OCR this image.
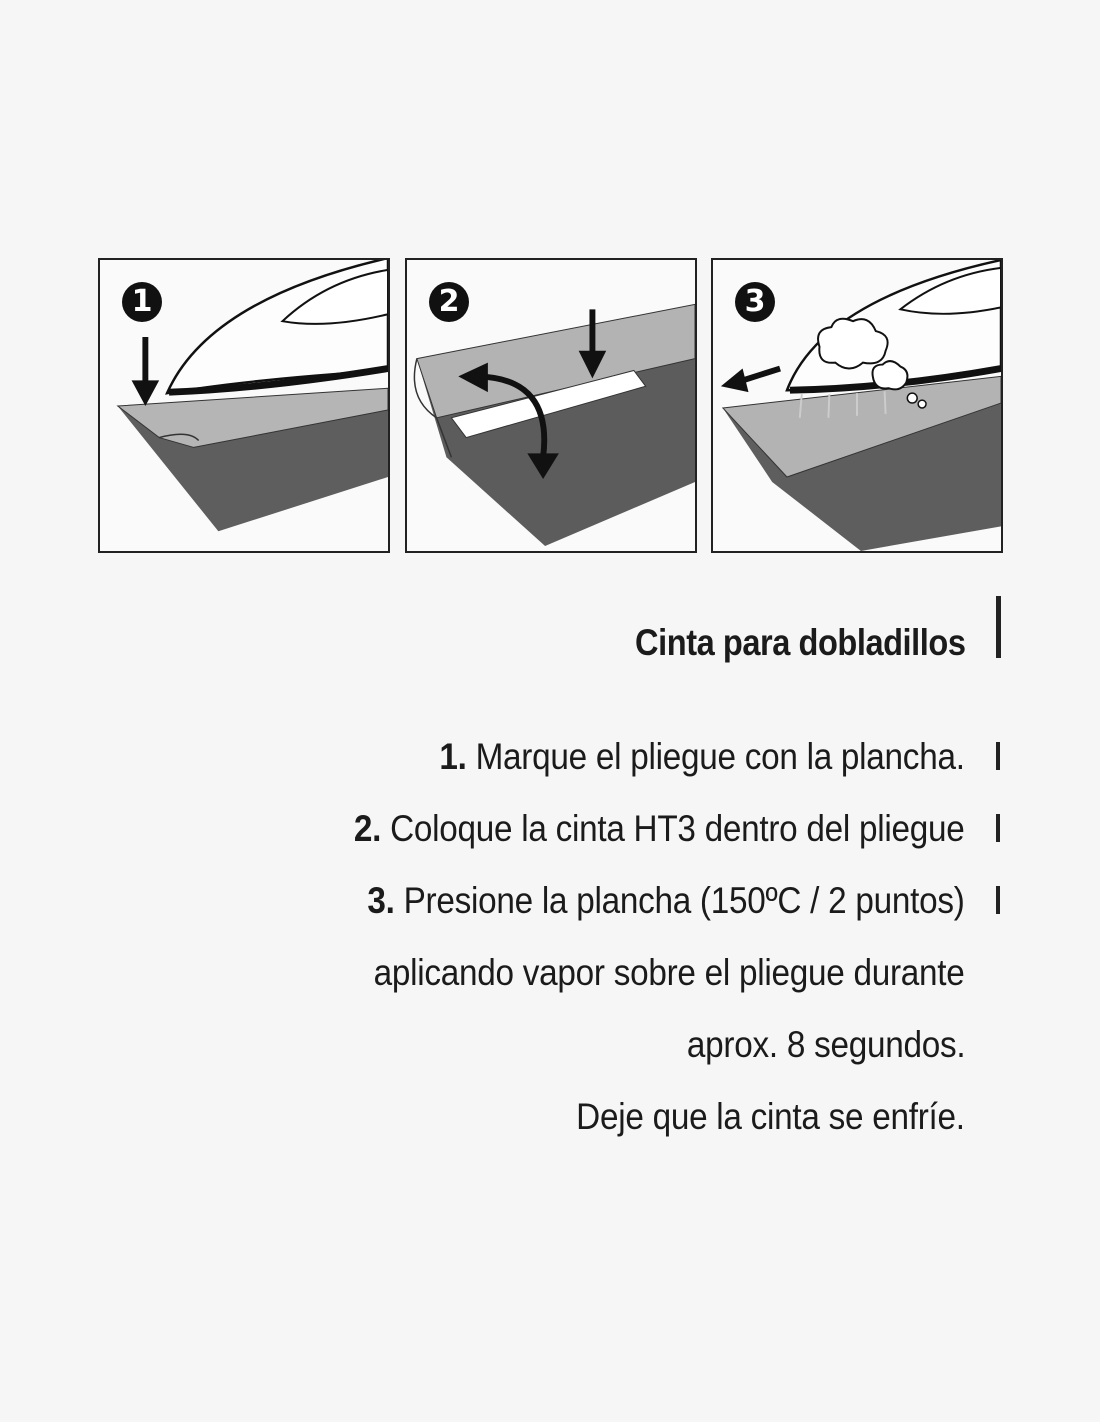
1	2	3
Cinta para dobladillos
1. Marque el pliegue con la plancha.
2. Coloque la cinta HT3 dentro del pliegue
3. Presione la plancha (150ºC / 2 puntos)
aplicando vapor sobre el pliegue durante
aprox. 8 segundos.
Deje que la cinta se enfríe.
